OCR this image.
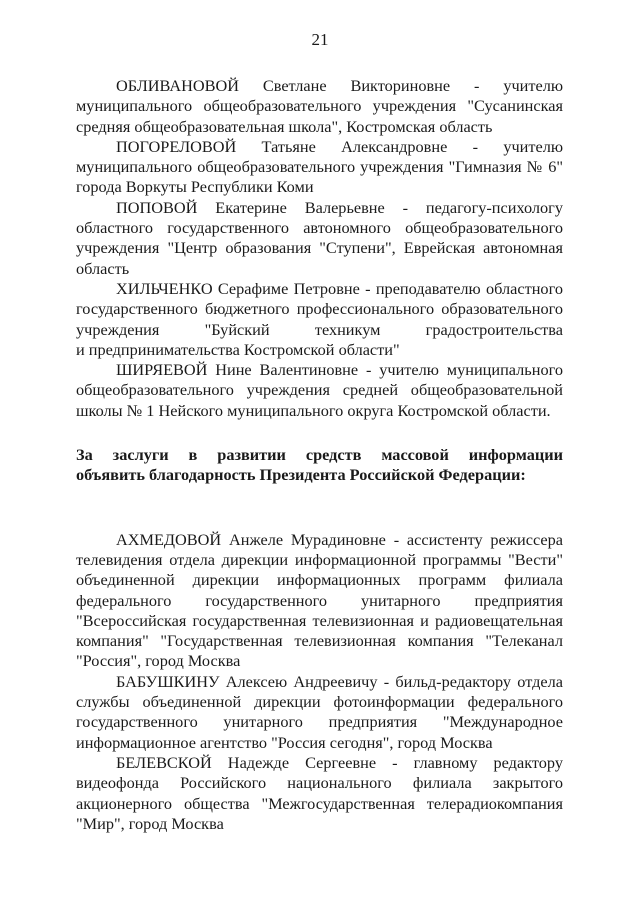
21
ОБЛИВАНОВОЙ Светлане Викториновне - учителю
муниципального общеобразовательного учреждения "Сусанинская
средняя общеобразовательная школа", Костромская область
ПОГОРЕЛОВОЙ Татьяне Александровне - учителю
муниципального общеобразовательного учреждения "Гимназия № 6"
города Воркуты Республики Коми
ПОПОВОЙ Екатерине Валерьевне - педагогу-психологу
областного государственного автономного общеобразовательного
учреждения "Центр образования "Ступени", Еврейская автономная
область
ХИЛЬЧЕНКО Серафиме Петровне - преподавателю областного
государственного бюджетного профессионального образовательного
учреждения "Буйский техникум градостроительства
и предпринимательства Костромской области"
ШИРЯЕВОЙ Нине Валентиновне - учителю муниципального
общеобразовательного учреждения средней общеобразовательной
школы № 1 Нейского муниципального округа Костромской области.
За заслуги в развитии средств массовой информации
объявить благодарность Президента Российской Федерации:
АХМЕДОВОЙ Анжеле Мурадиновне - ассистенту режиссера
телевидения отдела дирекции информационной программы "Вести"
объединенной дирекции информационных программ филиала
федерального государственного унитарного предприятия
"Всероссийская государственная телевизионная и радиовещательная
компания" "Государственная телевизионная компания "Телеканал
"Россия", город Москва
БАБУШКИНУ Алексею Андреевичу - бильд-редактору отдела
службы объединенной дирекции фотоинформации федерального
государственного унитарного предприятия "Международное
информационное агентство "Россия сегодня", город Москва
БЕЛЕВСКОЙ Надежде Сергеевне - главному редактору
видеофонда Российского национального филиала закрытого
акционерного общества "Межгосударственная телерадиокомпания
"Мир", город Москва
